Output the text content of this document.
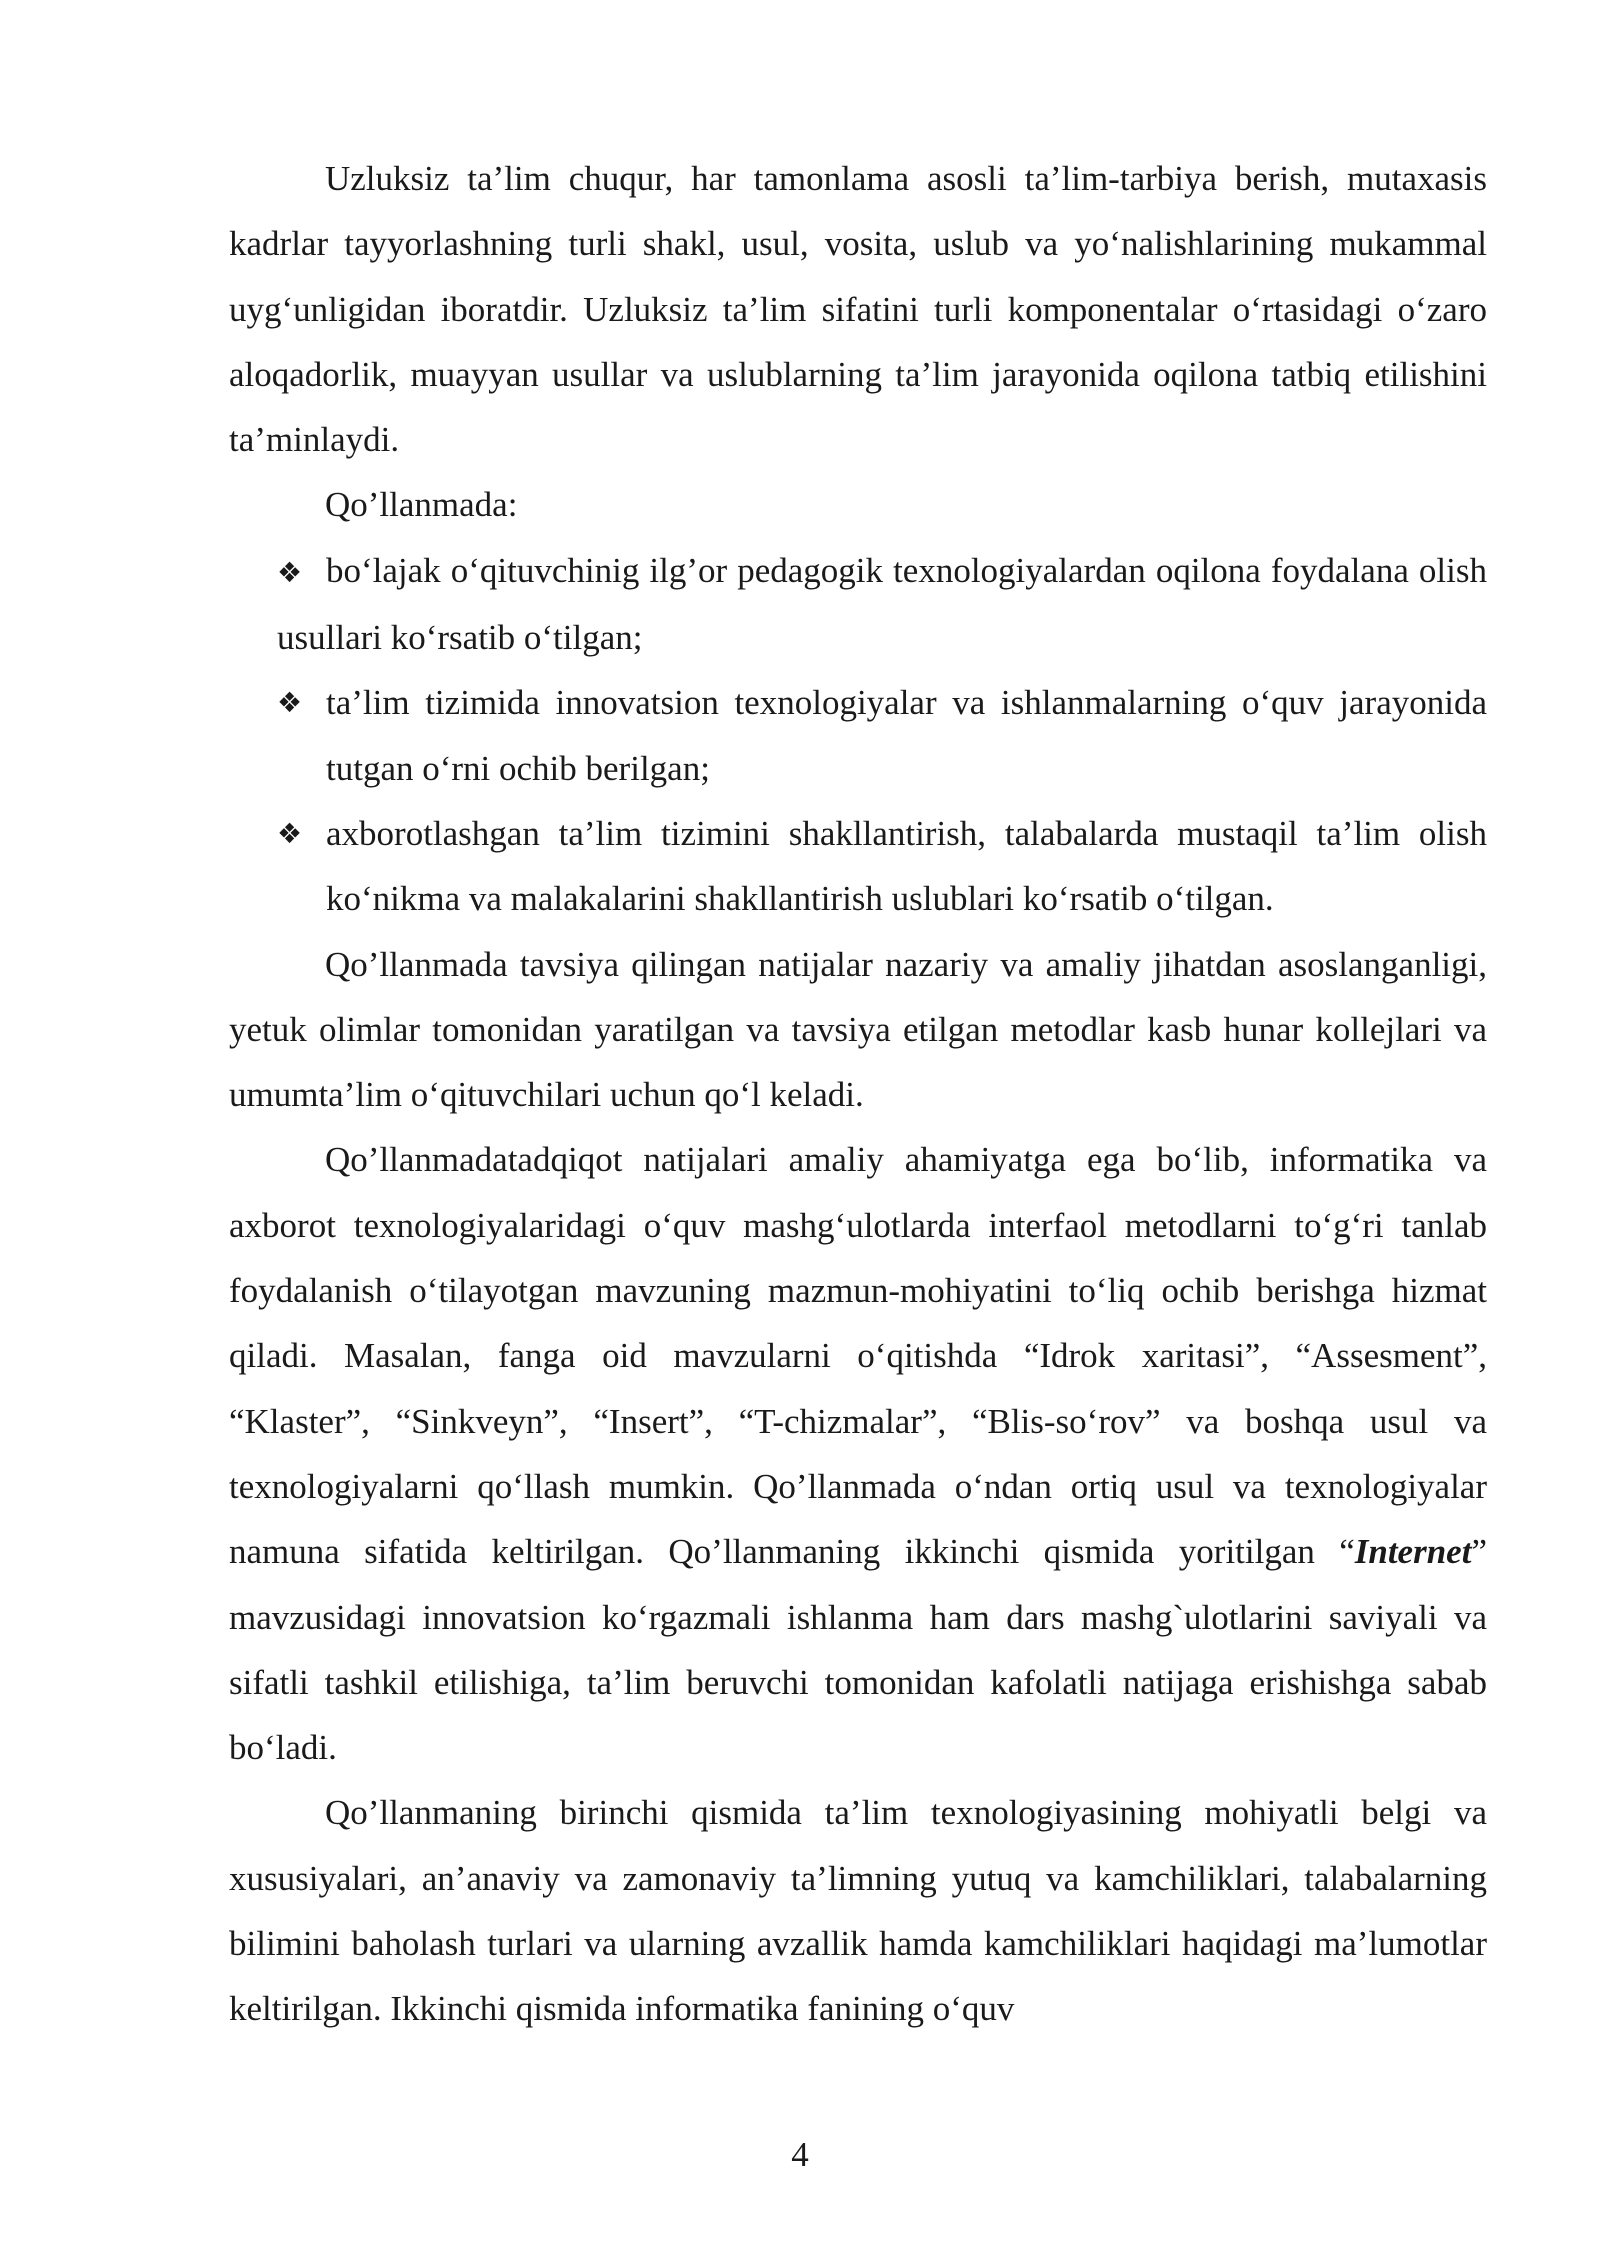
Uzluksiz ta’lim chuqur, har tamonlama asosli ta’lim-tarbiya berish, mutaxasis kadrlar tayyorlashning turli shakl, usul, vosita, uslub va yo‘nalishlarining mukammal uyg‘unligidan iboratdir. Uzluksiz ta’lim sifatini turli komponentalar o‘rtasidagi o‘zaro aloqadorlik, muayyan usullar va uslublarning ta’lim jarayonida oqilona tatbiq etilishini ta’minlaydi.

Qo’llanmada:

❖ bo‘lajak o‘qituvchinig ilg’or pedagogik texnologiyalardan oqilona foydalana olish usullari ko‘rsatib o‘tilgan;
❖ ta’lim tizimida innovatsion texnologiyalar va ishlanmalarning o‘quv jarayonida tutgan o‘rni ochib berilgan;
❖ axborotlashgan ta’lim tizimini shakllantirish, talabalarda mustaqil ta’lim olish ko‘nikma va malakalarini shakllantirish uslublari ko‘rsatib o‘tilgan.

Qo’llanmada tavsiya qilingan natijalar nazariy va amaliy jihatdan asoslanganligi, yetuk olimlar tomonidan yaratilgan va tavsiya etilgan metodlar kasb hunar kollejlari va umumta’lim o‘qituvchilari uchun qo‘l keladi.

Qo’llanmadatadqiqot natijalari amaliy ahamiyatga ega bo‘lib, informatika va axborot texnologiyalaridagi o‘quv mashg‘ulotlarda interfaol metodlarni to‘g‘ri tanlab foydalanish o‘tilayotgan mavzuning mazmun-mohiyatini to‘liq ochib berishga hizmat qiladi. Masalan, fanga oid mavzularni o‘qitishda “Idrok xaritasi”, “Assesment”, “Klaster”, “Sinkveyn”, “Insert”, “T-chizmalar”, “Blis-so‘rov” va boshqa usul va texnologiyalarni qo‘llash mumkin. Qo’llanmada o‘ndan ortiq usul va texnologiyalar namuna sifatida keltirilgan. Qo’llanmaning ikkinchi qismida yoritilgan “Internet” mavzusidagi innovatsion ko‘rgazmali ishlanma ham dars mashg`ulotlarini saviyali va sifatli tashkil etilishiga, ta’lim beruvchi tomonidan kafolatli natijaga erishishga sabab bo‘ladi.

Qo’llanmaning birinchi qismida ta’lim texnologiyasining mohiyatli belgi va xususiyalari, an’anaviy va zamonaviy ta’limning yutuq va kamchiliklari, talabalarning bilimini baholash turlari va ularning avzallik hamda kamchiliklari haqidagi ma’lumotlar keltirilgan. Ikkinchi qismida informatika fanining o‘quv

4
